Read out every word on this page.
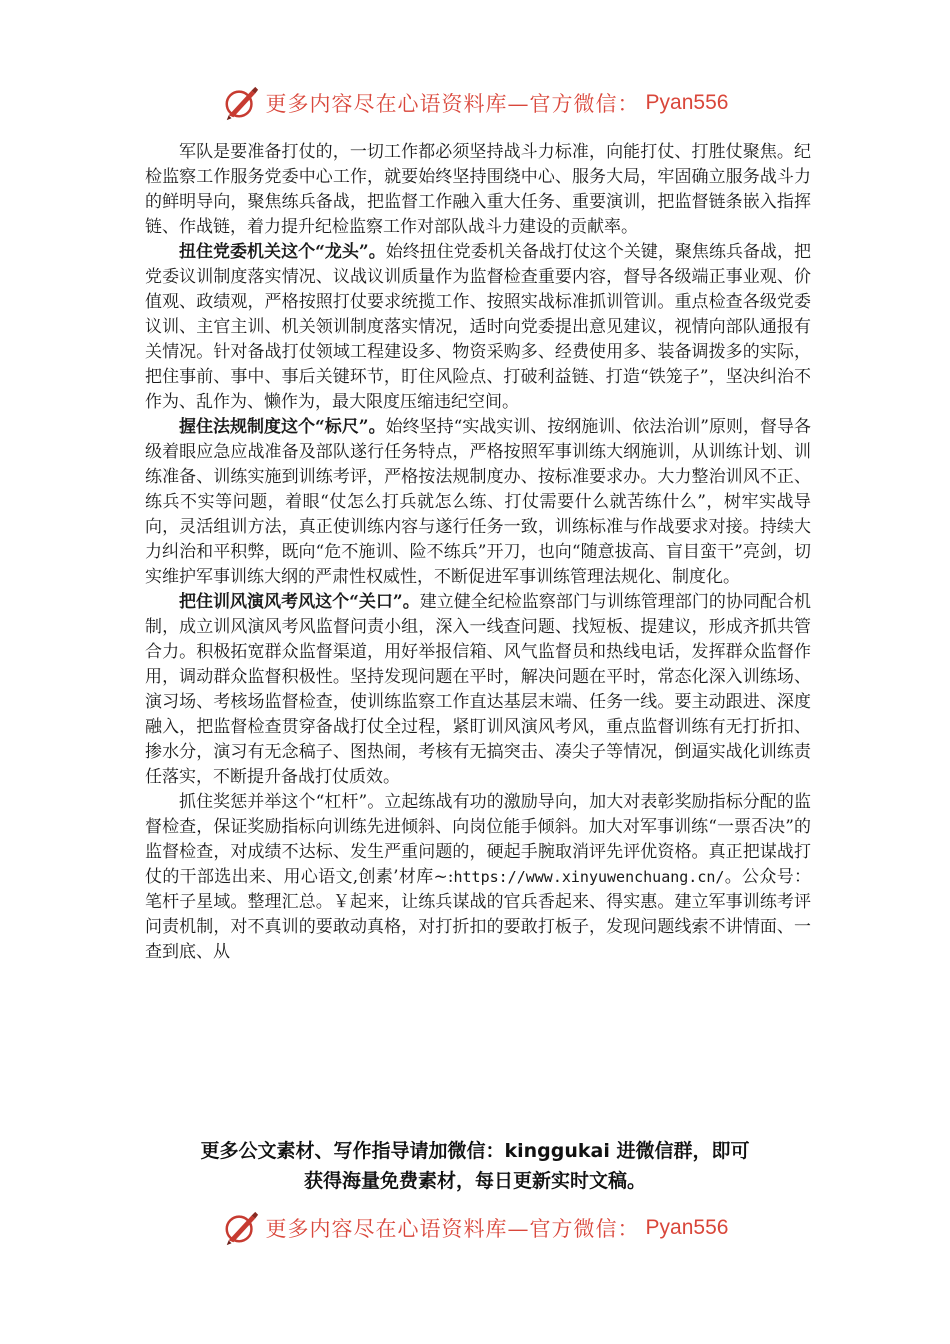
更多内容尽在心语资料库—官方微信： Pyan556

军队是要准备打仗的，一切工作都必须坚持战斗力标准，向能打仗、打胜仗聚焦。纪检监察工作服务党委中心工作，就要始终坚持围绕中心、服务大局，牢固确立服务战斗力的鲜明导向，聚焦练兵备战，把监督工作融入重大任务、重要演训，把监督链条嵌入指挥链、作战链，着力提升纪检监察工作对部队战斗力建设的贡献率。

扭住党委机关这个“龙头”。始终扭住党委机关备战打仗这个关键，聚焦练兵备战，把党委议训制度落实情况、议战议训质量作为监督检查重要内容，督导各级端正事业观、价值观、政绩观，严格按照打仗要求统揽工作、按照实战标准抓训管训。重点检查各级党委议训、主官主训、机关领训制度落实情况，适时向党委提出意见建议，视情向部队通报有关情况。针对备战打仗领域工程建设多、物资采购多、经费使用多、装备调拨多的实际，把住事前、事中、事后关键环节，盯住风险点、打破利益链、打造“铁笼子”，坚决纠治不作为、乱作为、懒作为，最大限度压缩违纪空间。

握住法规制度这个“标尺”。始终坚持“实战实训、按纲施训、依法治训”原则，督导各级着眼应急应战准备及部队遂行任务特点，严格按照军事训练大纲施训，从训练计划、训练准备、训练实施到训练考评，严格按法规制度办、按标准要求办。大力整治训风不正、练兵不实等问题，着眼“仗怎么打兵就怎么练、打仗需要什么就苦练什么”，树牢实战导向，灵活组训方法，真正使训练内容与遂行任务一致，训练标准与作战要求对接。持续大力纠治和平积弊，既向“危不施训、险不练兵”开刀，也向“随意拔高、盲目蛮干”亮剑，切实维护军事训练大纲的严肃性权威性，不断促进军事训练管理法规化、制度化。

把住训风演风考风这个“关口”。建立健全纪检监察部门与训练管理部门的协同配合机制，成立训风演风考风监督问责小组，深入一线查问题、找短板、提建议，形成齐抓共管合力。积极拓宽群众监督渠道，用好举报信箱、风气监督员和热线电话，发挥群众监督作用，调动群众监督积极性。坚持发现问题在平时，解决问题在平时，常态化深入训练场、演习场、考核场监督检查，使训练监察工作直达基层末端、任务一线。要主动跟进、深度融入，把监督检查贯穿备战打仗全过程，紧盯训风演风考风，重点监督训练有无打折扣、掺水分，演习有无念稿子、图热闹，考核有无搞突击、凑尖子等情况，倒逼实战化训练责任落实，不断提升备战打仗质效。

抓住奖惩并举这个“杠杆”。立起练战有功的激励导向，加大对表彰奖励指标分配的监督检查，保证奖励指标向训练先进倾斜、向岗位能手倾斜。加大对军事训练“一票否决”的监督检查，对成绩不达标、发生严重问题的，硬起手腕取消评先评优资格。真正把谋战打仗的干部选出来、用心语文,创素’材库~:https://www.xinyuwenchuang.cn/。公众号：笔杆子星域。整理汇总。￥起来，让练兵谋战的官兵香起来、得实惠。建立军事训练考评问责机制，对不真训的要敢动真格，对打折扣的要敢打板子，发现问题线索不讲情面、一查到底、从

更多公文素材、写作指导请加微信：kinggukai 进微信群，即可
获得海量免费素材，每日更新实时文稿。
更多内容尽在心语资料库—官方微信： Pyan556
